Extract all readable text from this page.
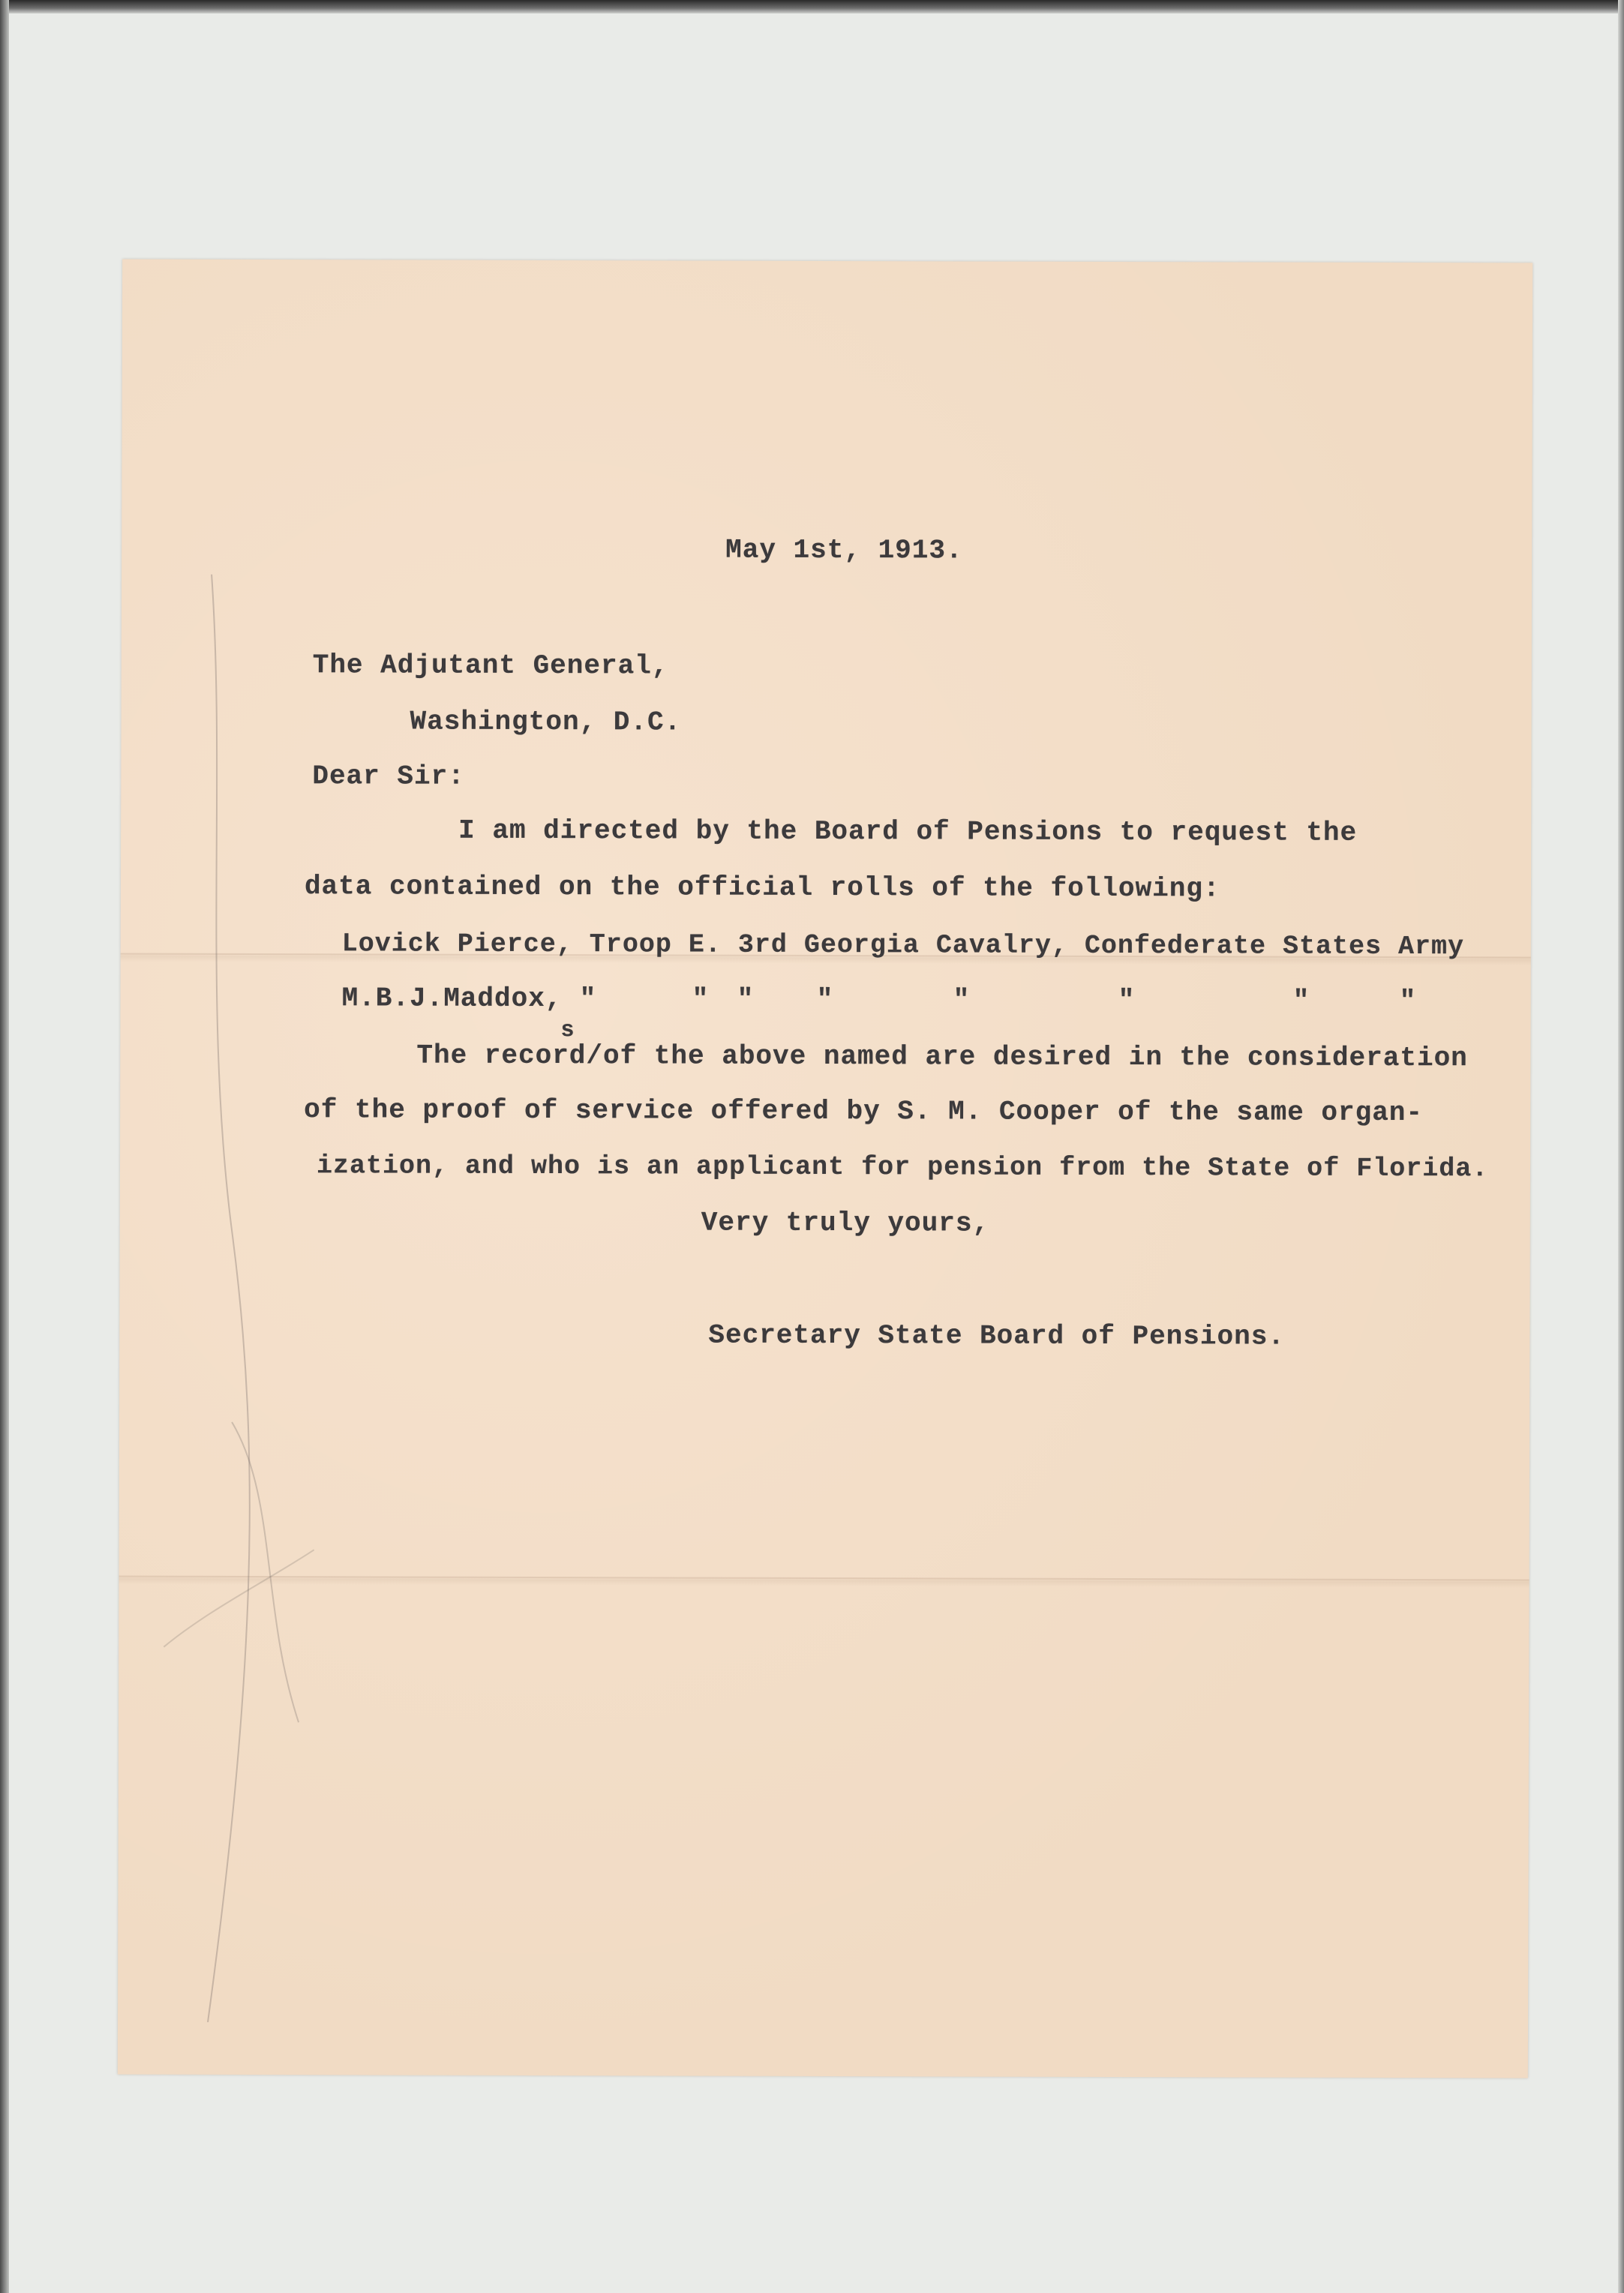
May 1st, 1913.
The Adjutant General,
Washington, D.C.
Dear Sir:
I am directed by the Board of Pensions to request the
data contained on the official rolls of the following:
Lovick Pierce, Troop E. 3rd Georgia Cavalry, Confederate States Army
M.B.J.Maddox, "	" " "	"	"	"	"
s
The record/of the above named are desired in the consideration
of the proof of service offered by S. M. Cooper of the same organ-
ization, and who is an applicant for pension from the State of Florida.
Very truly yours,
Secretary State Board of Pensions.
